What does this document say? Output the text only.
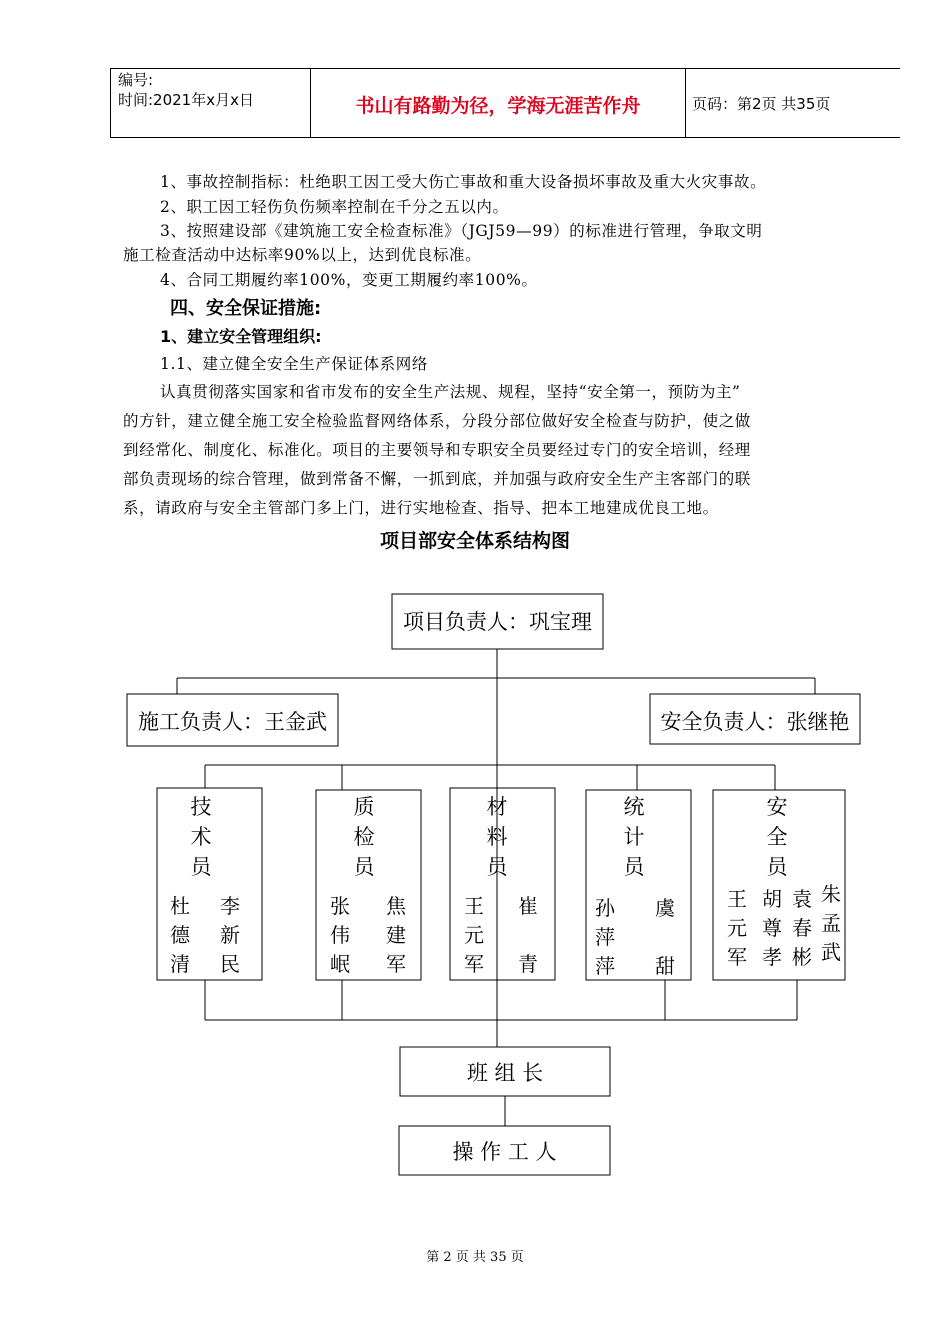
编号:
时间:2021年x月x日	书山有路勤为径，学海无涯苦作舟	页码：第2页 共35页
1、事故控制指标：杜绝职工因工受大伤亡事故和重大设备损坏事故及重大火灾事故。
2、职工因工轻伤负伤频率控制在千分之五以内。
3、按照建设部《建筑施工安全检查标准》（JGJ59—99）的标准进行管理，争取文明
施工检查活动中达标率90%以上，达到优良标准。
4、合同工期履约率100%，变更工期履约率100%。
四、安全保证措施:
1、建立安全管理组织:
1.1、建立健全安全生产保证体系网络
认真贯彻落实国家和省市发布的安全生产法规、规程，坚持“安全第一，预防为主”
的方针，建立健全施工安全检验监督网络体系，分段分部位做好安全检查与防护，使之做
到经常化、制度化、标准化。项目的主要领导和专职安全员要经过专门的安全培训，经理
部负责现场的综合管理，做到常备不懈，一抓到底，并加强与政府安全生产主客部门的联
系，请政府与安全主管部门多上门，进行实地检查、指导、把本工地建成优良工地。
项目部安全体系结构图
项目负责人：巩宝理
施工负责人：王金武	安全负责人：张继艳
技
术
员
杜
德
清
李
新
民
质
检
员
张
伟
岷
焦
建
军
材
料
员
王
元
军
崔
青
统
计
员
孙
萍
萍
虞
甜
安
全
员
王
元
军
胡
尊
孝
袁
春
彬
朱
孟
武
班 组 长
操 作 工 人
第 2 页 共 35 页
